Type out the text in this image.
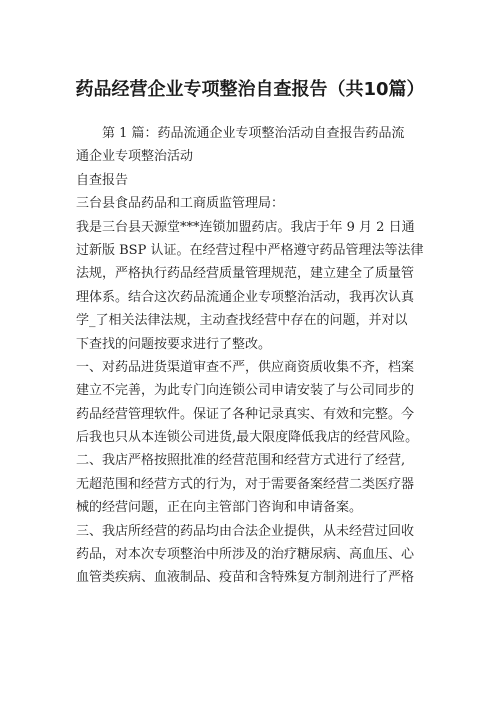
药品经营企业专项整治自查报告（共10篇）
第 1 篇：药品流通企业专项整治活动自查报告药品流
通企业专项整治活动
自查报告
三台县食品药品和工商质监管理局：
我是三台县天源堂***连锁加盟药店。我店于年 9 月 2 日通
过新版 BSP 认证。在经营过程中严格遵守药品管理法等法律
法规，严格执行药品经营质量管理规范，建立建全了质量管
理体系。结合这次药品流通企业专项整治活动，我再次认真
学_了相关法律法规，主动查找经营中存在的问题，并对以
下查找的问题按要求进行了整改。
一、对药品进货渠道审查不严，供应商资质收集不齐，档案
建立不完善，为此专门向连锁公司申请安装了与公司同步的
药品经营管理软件。保证了各种记录真实、有效和完整。今
后我也只从本连锁公司进货,最大限度降低我店的经营风险。
二、我店严格按照批准的经营范围和经营方式进行了经营,
无超范围和经营方式的行为，对于需要备案经营二类医疗器
械的经营问题，正在向主管部门咨询和申请备案。
三、我店所经营的药品均由合法企业提供，从未经营过回收
药品，对本次专项整治中所涉及的治疗糖尿病、高血压、心
血管类疾病、血液制品、疫苗和含特殊复方制剂进行了严格
